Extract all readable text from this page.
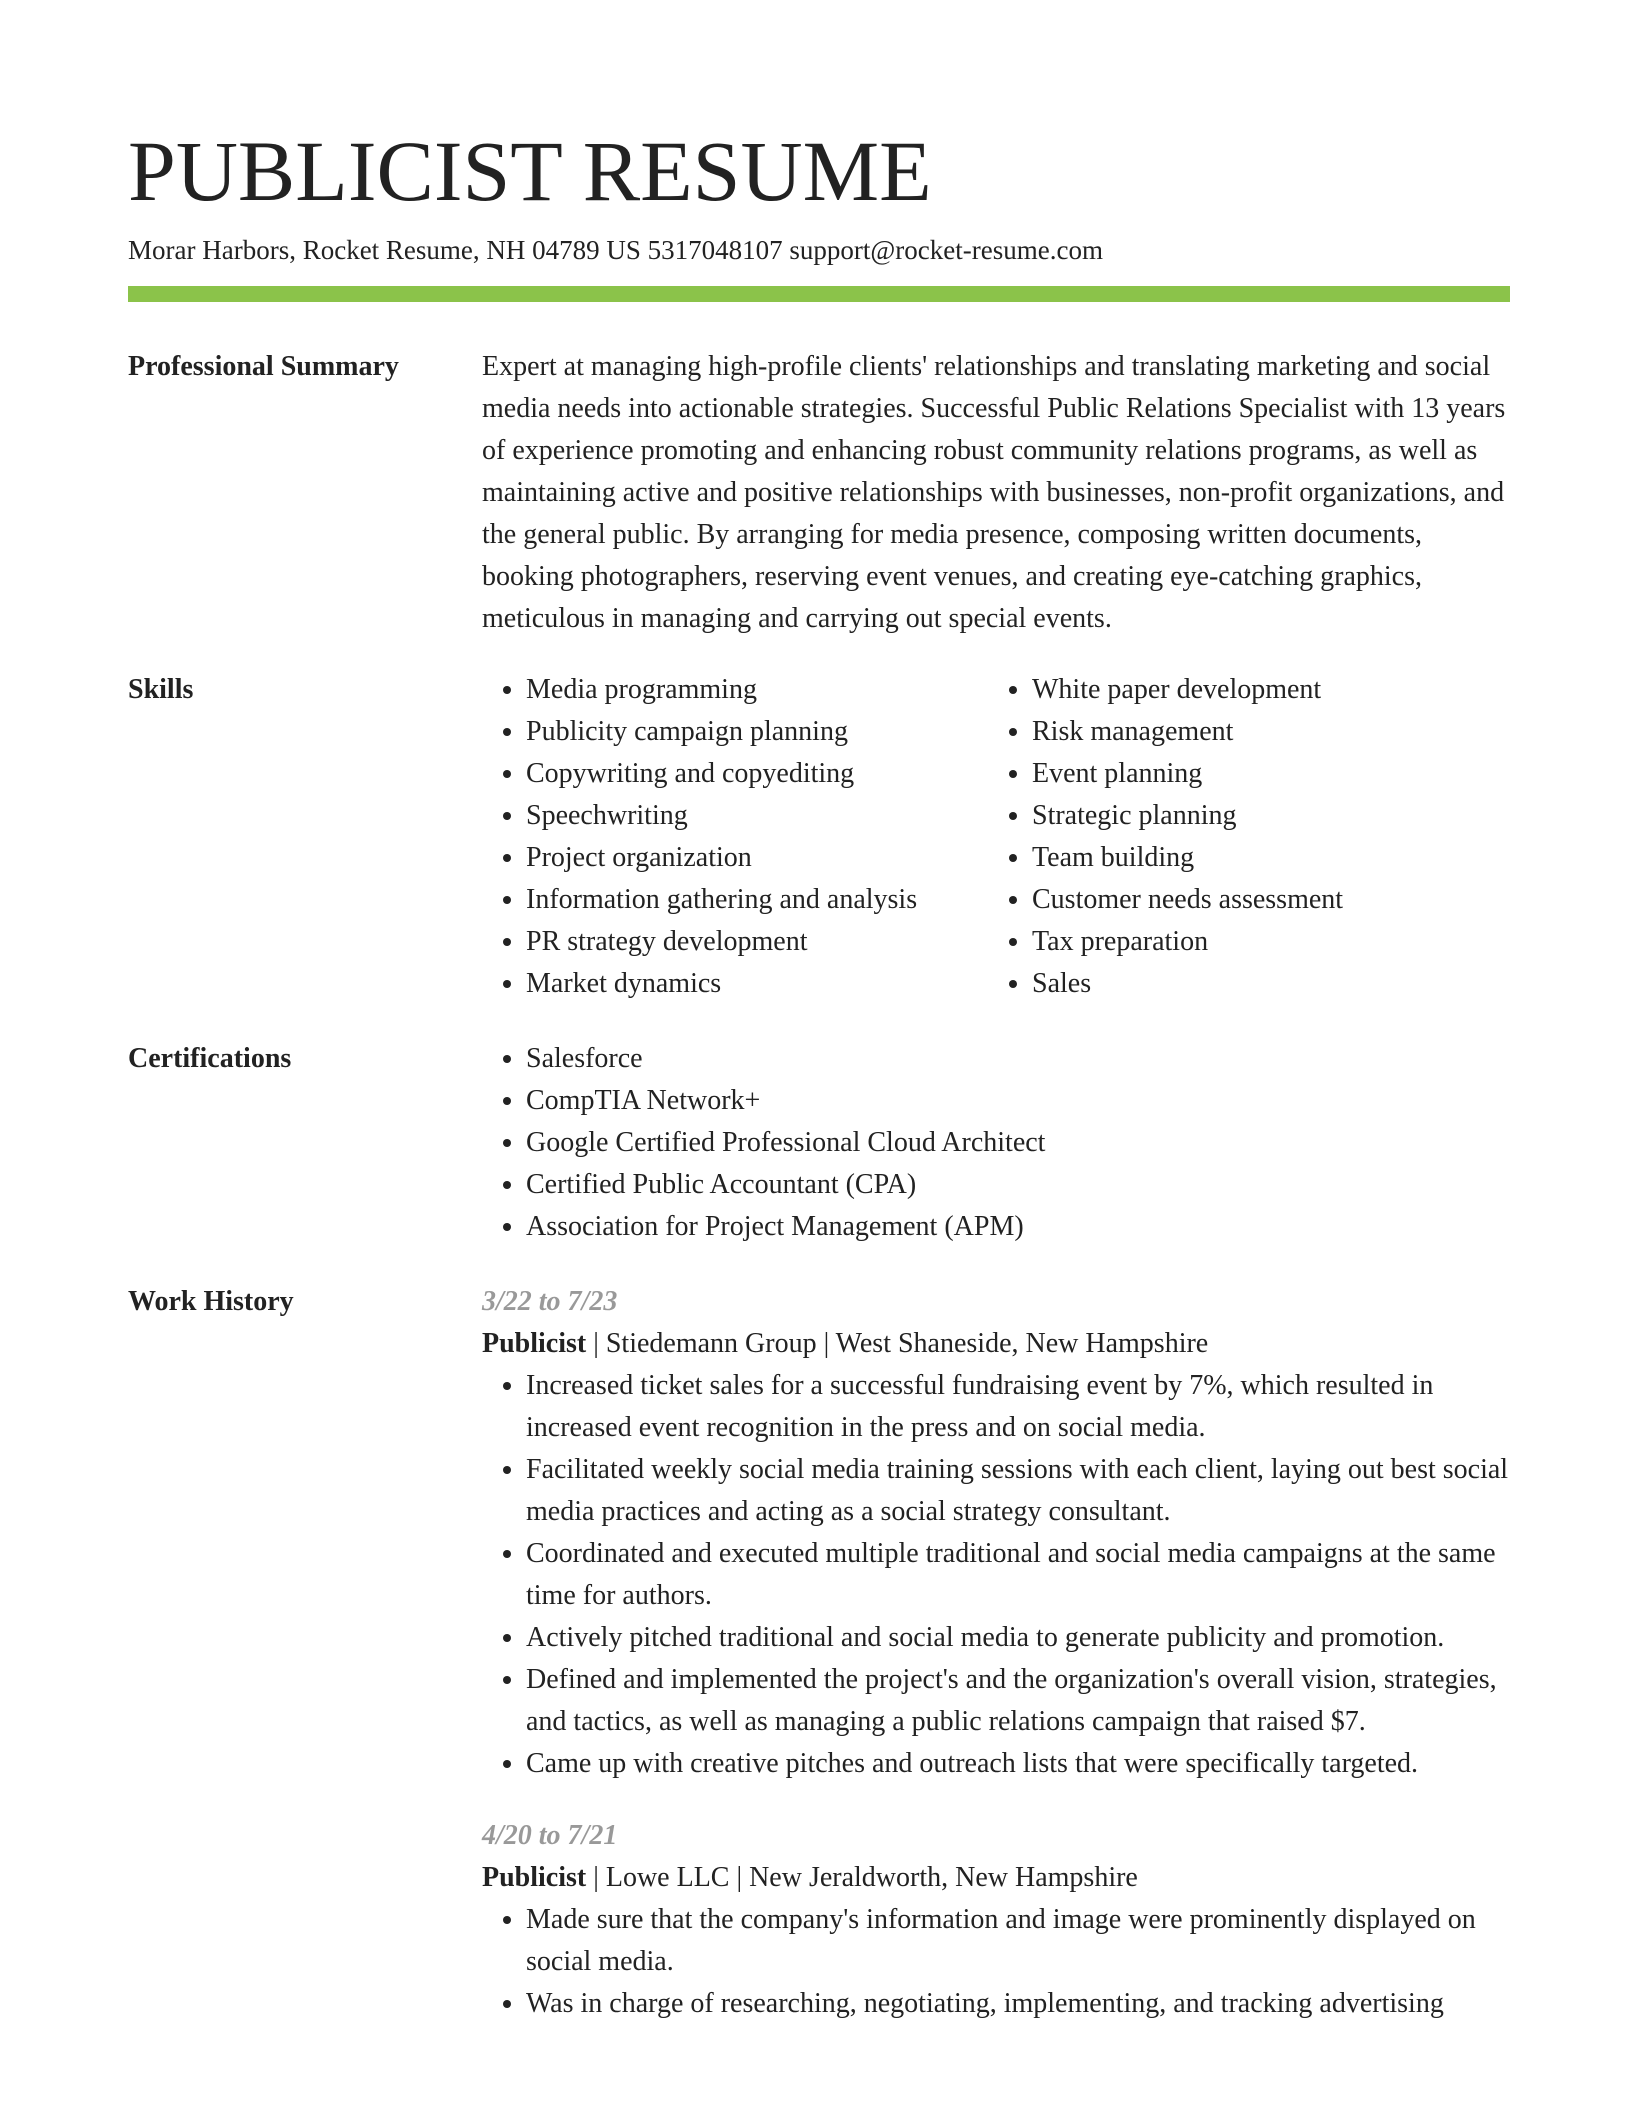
PUBLICIST RESUME
Morar Harbors, Rocket Resume, NH 04789 US 5317048107 support@rocket-resume.com
Professional Summary	Expert at managing high-profile clients' relationships and translating marketing and social media needs into actionable strategies. Successful Public Relations Specialist with 13 years of experience promoting and enhancing robust community relations programs, as well as maintaining active and positive relationships with businesses, non-profit organizations, and the general public. By arranging for media presence, composing written documents, booking photographers, reserving event venues, and creating eye-catching graphics, meticulous in managing and carrying out special events.

Skills	• Media programming
• Publicity campaign planning
• Copywriting and copyediting
• Speechwriting
• Project organization
• Information gathering and analysis
• PR strategy development
• Market dynamics
• White paper development
• Risk management
• Event planning
• Strategic planning
• Team building
• Customer needs assessment
• Tax preparation
• Sales
Certifications	• Salesforce
• CompTIA Network+
• Google Certified Professional Cloud Architect
• Certified Public Accountant (CPA)
• Association for Project Management (APM)
Work History	3/22 to 7/23
Publicist | Stiedemann Group | West Shaneside, New Hampshire
• Increased ticket sales for a successful fundraising event by 7%, which resulted in increased event recognition in the press and on social media.
• Facilitated weekly social media training sessions with each client, laying out best social media practices and acting as a social strategy consultant.
• Coordinated and executed multiple traditional and social media campaigns at the same time for authors.
• Actively pitched traditional and social media to generate publicity and promotion.
• Defined and implemented the project's and the organization's overall vision, strategies, and tactics, as well as managing a public relations campaign that raised $7.
• Came up with creative pitches and outreach lists that were specifically targeted.
4/20 to 7/21
Publicist | Lowe LLC | New Jeraldworth, New Hampshire
• Made sure that the company's information and image were prominently displayed on social media.
• Was in charge of researching, negotiating, implementing, and tracking advertising
